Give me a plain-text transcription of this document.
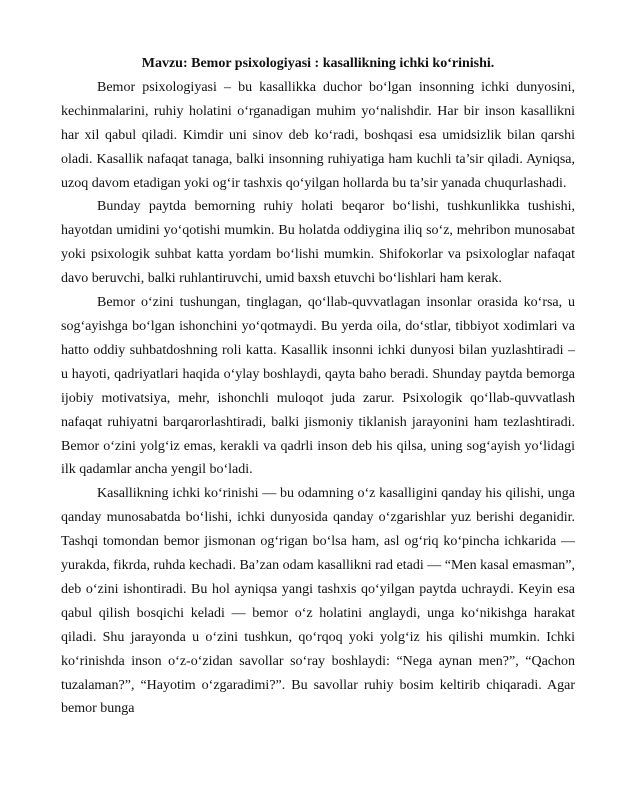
Mavzu: Bemor psixologiyasi : kasallikning ichki ko‘rinishi.

Bemor psixologiyasi – bu kasallikka duchor bo‘lgan insonning ichki dunyosini, kechinmalarini, ruhiy holatini o‘rganadigan muhim yo‘nalishdir. Har bir inson kasallikni har xil qabul qiladi. Kimdir uni sinov deb ko‘radi, boshqasi esa umidsizlik bilan qarshi oladi. Kasallik nafaqat tanaga, balki insonning ruhiyatiga ham kuchli ta’sir qiladi. Ayniqsa, uzoq davom etadigan yoki og‘ir tashxis qo‘yilgan hollarda bu ta’sir yanada chuqurlashadi.

Bunday paytda bemorning ruhiy holati beqaror bo‘lishi, tushkunlikka tushishi, hayotdan umidini yo‘qotishi mumkin. Bu holatda oddiygina iliq so‘z, mehribon munosabat yoki psixologik suhbat katta yordam bo‘lishi mumkin. Shifokorlar va psixologlar nafaqat davo beruvchi, balki ruhlantiruvchi, umid baxsh etuvchi bo‘lishlari ham kerak.

Bemor o‘zini tushungan, tinglagan, qo‘llab-quvvatlagan insonlar orasida ko‘rsa, u sog‘ayishga bo‘lgan ishonchini yo‘qotmaydi. Bu yerda oila, do‘stlar, tibbiyot xodimlari va hatto oddiy suhbatdoshning roli katta. Kasallik insonni ichki dunyosi bilan yuzlashtiradi – u hayoti, qadriyatlari haqida o‘ylay boshlaydi, qayta baho beradi. Shunday paytda bemorga ijobiy motivatsiya, mehr, ishonchli muloqot juda zarur. Psixologik qo‘llab-quvvatlash nafaqat ruhiyatni barqarorlashtiradi, balki jismoniy tiklanish jarayonini ham tezlashtiradi. Bemor o‘zini yolg‘iz emas, kerakli va qadrli inson deb his qilsa, uning sog‘ayish yo‘lidagi ilk qadamlar ancha yengil bo‘ladi.

Kasallikning ichki ko‘rinishi — bu odamning o‘z kasalligini qanday his qilishi, unga qanday munosabatda bo‘lishi, ichki dunyosida qanday o‘zgarishlar yuz berishi deganidir. Tashqi tomondan bemor jismonan og‘rigan bo‘lsa ham, asl og‘riq ko‘pincha ichkarida — yurakda, fikrda, ruhda kechadi. Ba’zan odam kasallikni rad etadi — “Men kasal emasman”, deb o‘zini ishontiradi. Bu hol ayniqsa yangi tashxis qo‘yilgan paytda uchraydi. Keyin esa qabul qilish bosqichi keladi — bemor o‘z holatini anglaydi, unga ko‘nikishga harakat qiladi. Shu jarayonda u o‘zini tushkun, qo‘rqoq yoki yolg‘iz his qilishi mumkin. Ichki ko‘rinishda inson o‘z-o‘zidan savollar so‘ray boshlaydi: “Nega aynan men?”, “Qachon tuzalaman?”, “Hayotim o‘zgaradimi?”. Bu savollar ruhiy bosim keltirib chiqaradi. Agar bemor bunga
